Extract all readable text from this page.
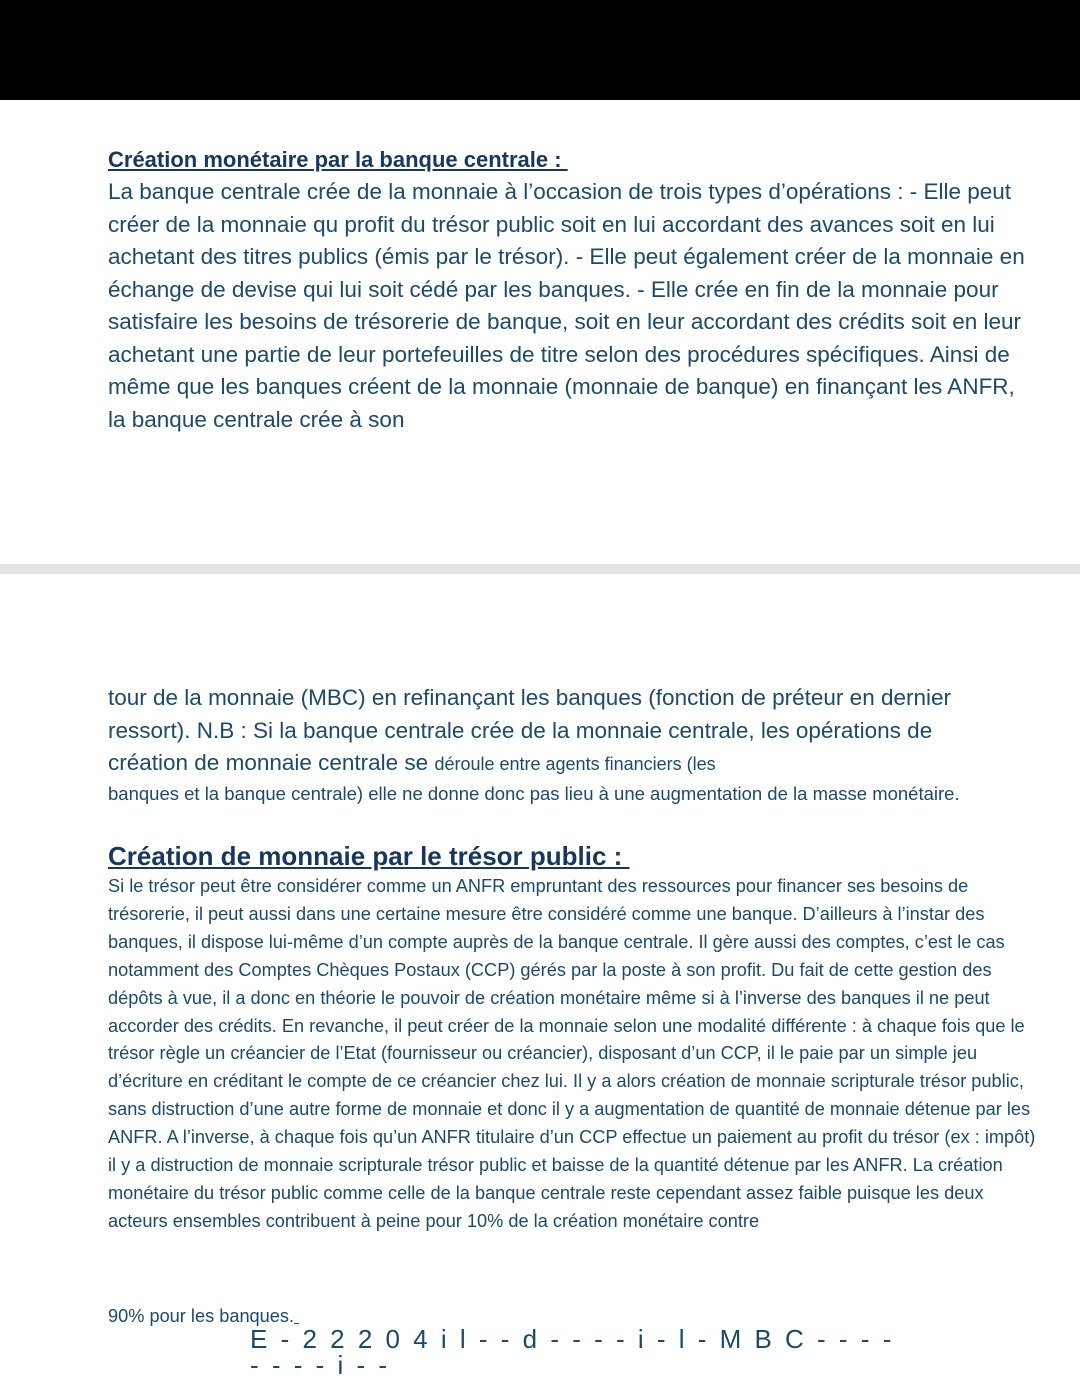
Création monétaire par la banque centrale :

La banque centrale crée de la monnaie à l’occasion de trois types d’opérations : - Elle peut créer de la monnaie qu profit du trésor public soit en lui accordant des avances soit en lui achetant des titres publics (émis par le trésor). - Elle peut également créer de la monnaie en échange de devise qui lui soit cédé par les banques. - Elle crée en fin de la monnaie pour satisfaire les besoins de trésorerie de banque, soit en leur accordant des crédits soit en leur achetant une partie de leur portefeuilles de titre selon des procédures spécifiques. Ainsi de même que les banques créent de la monnaie (monnaie de banque) en finançant les ANFR, la banque centrale crée à son

tour de la monnaie (MBC) en refinançant les banques (fonction de préteur en dernier ressort). N.B : Si la banque centrale crée de la monnaie centrale, les opérations de création de monnaie centrale se déroule entre agents financiers (les

banques et la banque centrale) elle ne donne donc pas lieu à une augmentation de la masse monétaire.

Création de monnaie par le trésor public :

Si le trésor peut être considérer comme un ANFR empruntant des ressources pour financer ses besoins de trésorerie, il peut aussi dans une certaine mesure être considéré comme une banque. D’ailleurs à l’instar des banques, il dispose lui-même d’un compte auprès de la banque centrale. Il gère aussi des comptes, c’est le cas notamment des Comptes Chèques Postaux (CCP) gérés par la poste à son profit. Du fait de cette gestion des dépôts à vue, il a donc en théorie le pouvoir de création monétaire même si à l’inverse des banques il ne peut accorder des crédits. En revanche, il peut créer de la monnaie selon une modalité différente : à chaque fois que le trésor règle un créancier de l’Etat (fournisseur ou créancier), disposant d’un CCP, il le paie par un simple jeu d’écriture en créditant le compte de ce créancier chez lui. Il y a alors création de monnaie scripturale trésor public, sans distruction d’une autre forme de monnaie et donc il y a augmentation de quantité de monnaie détenue par les ANFR. A l’inverse, à chaque fois qu’un ANFR titulaire d’un CCP effectue un paiement au profit du trésor (ex : impôt) il y a distruction de monnaie scripturale trésor public et baisse de la quantité détenue par les ANFR. La création monétaire du trésor public comme celle de la banque centrale reste cependant assez faible puisque les deux acteurs ensembles contribuent à peine pour 10% de la création monétaire contre

90% pour les banques.

E - 2 2 2 0 4 i l - - d - - - - i - l - M B C - - - - - - - - i - -
